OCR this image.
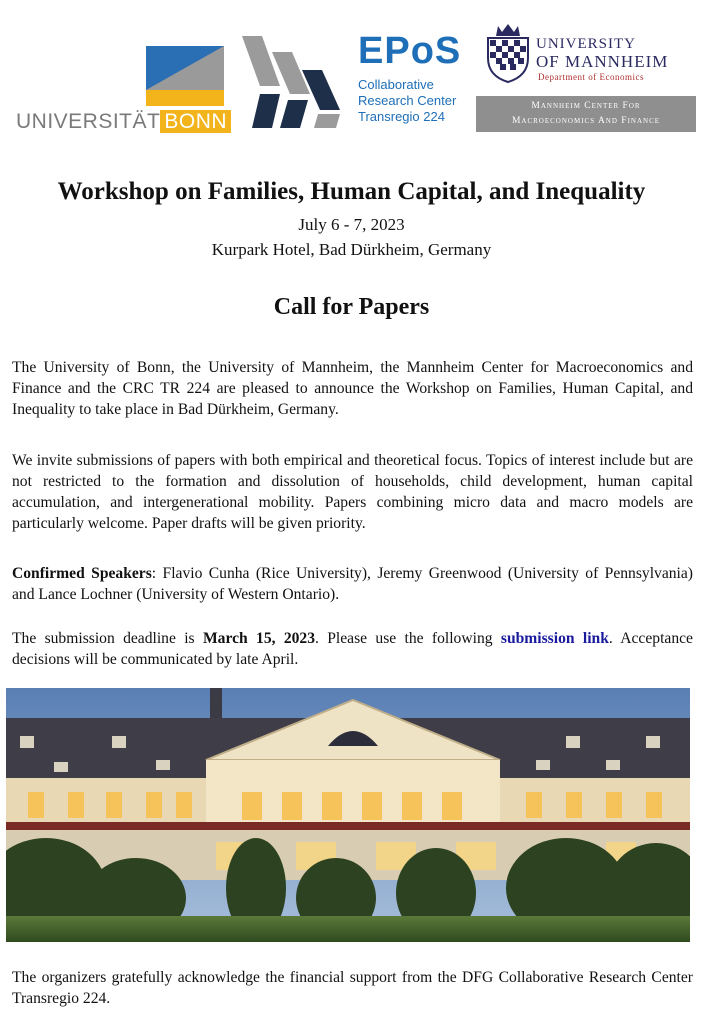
UNIVERSITÄT BONN
EPoS
Collaborative
Research Center
Transregio 224
UNIVERSITY
OF MANNHEIM
Department of Economics
Mannheim Center For
Macroeconomics And Finance
Workshop on Families, Human Capital, and Inequality
July 6 - 7, 2023
Kurpark Hotel, Bad Dürkheim, Germany
Call for Papers
The University of Bonn, the University of Mannheim, the Mannheim Center for Macroeconomics and Finance and the CRC TR 224 are pleased to announce the Workshop on Families, Human Capital, and Inequality to take place in Bad Dürkheim, Germany.
We invite submissions of papers with both empirical and theoretical focus. Topics of interest include but are not restricted to the formation and dissolution of households, child development, human capital accumulation, and intergenerational mobility. Papers combining micro data and macro models are particularly welcome. Paper drafts will be given priority.
Confirmed Speakers: Flavio Cunha (Rice University), Jeremy Greenwood (University of Pennsylvania) and Lance Lochner (University of Western Ontario).
The submission deadline is March 15, 2023. Please use the following submission link. Acceptance decisions will be communicated by late April.
The organizers gratefully acknowledge the financial support from the DFG Collaborative Research Center Transregio 224.
